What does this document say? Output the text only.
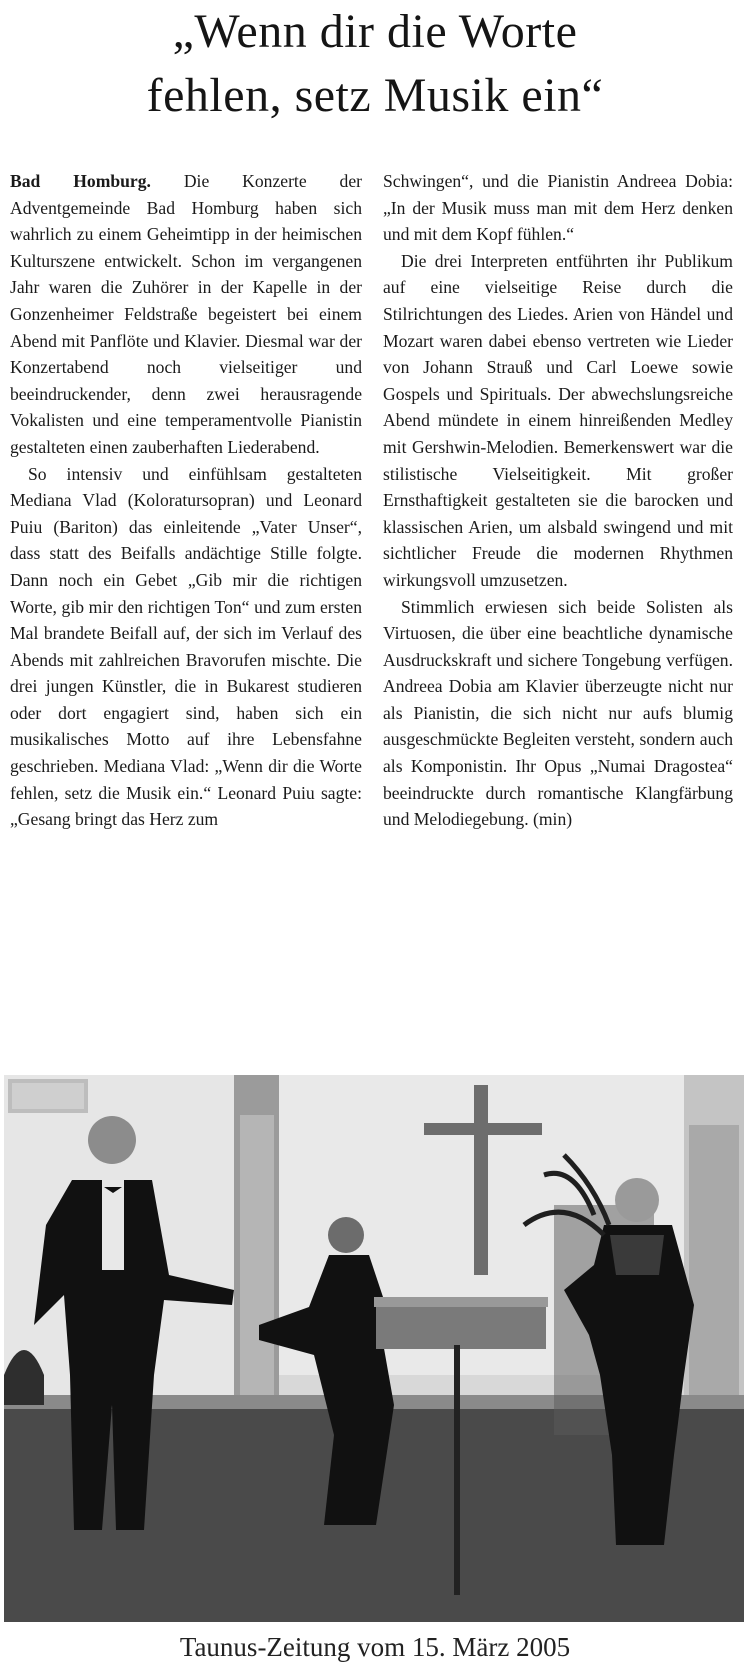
„Wenn dir die Worte
fehlen, setz Musik ein“

Bad Homburg. Die Konzerte der Adventgemeinde Bad Homburg haben sich wahrlich zu einem Geheimtipp in der heimischen Kulturszene entwickelt. Schon im vergangenen Jahr waren die Zuhörer in der Kapelle in der Gonzenheimer Feldstraße begeistert bei einem Abend mit Panflöte und Klavier. Diesmal war der Konzertabend noch vielseitiger und beeindruckender, denn zwei herausragende Vokalisten und eine temperamentvolle Pianistin gestalteten einen zauberhaften Liederabend.

So intensiv und einfühlsam gestalteten Mediana Vlad (Koloratursopran) und Leonard Puiu (Bariton) das einleitende „Vater Unser“, dass statt des Beifalls andächtige Stille folgte. Dann noch ein Gebet „Gib mir die richtigen Worte, gib mir den richtigen Ton“ und zum ersten Mal brandete Beifall auf, der sich im Verlauf des Abends mit zahlreichen Bravorufen mischte. Die drei jungen Künstler, die in Bukarest studieren oder dort engagiert sind, haben sich ein musikalisches Motto auf ihre Lebensfahne geschrieben. Mediana Vlad: „Wenn dir die Worte fehlen, setz die Musik ein.“ Leonard Puiu sagte: „Gesang bringt das Herz zum

Schwingen“, und die Pianistin Andreea Dobia: „In der Musik muss man mit dem Herz denken und mit dem Kopf fühlen.“

Die drei Interpreten entführten ihr Publikum auf eine vielseitige Reise durch die Stilrichtungen des Liedes. Arien von Händel und Mozart waren dabei ebenso vertreten wie Lieder von Johann Strauß und Carl Loewe sowie Gospels und Spirituals. Der abwechslungsreiche Abend mündete in einem hinreißenden Medley mit Gershwin-Melodien. Bemerkenswert war die stilistische Vielseitigkeit. Mit großer Ernsthaftigkeit gestalteten sie die barocken und klassischen Arien, um alsbald swingend und mit sichtlicher Freude die modernen Rhythmen wirkungsvoll umzusetzen.

Stimmlich erwiesen sich beide Solisten als Virtuosen, die über eine beachtliche dynamische Ausdruckskraft und sichere Tongebung verfügen. Andreea Dobia am Klavier überzeugte nicht nur als Pianistin, die sich nicht nur aufs blumig ausgeschmückte Begleiten versteht, sondern auch als Komponistin. Ihr Opus „Numai Dragostea“ beeindruckte durch romantische Klangfärbung und Melodiegebung. (min)

Taunus-Zeitung vom 15. März 2005
